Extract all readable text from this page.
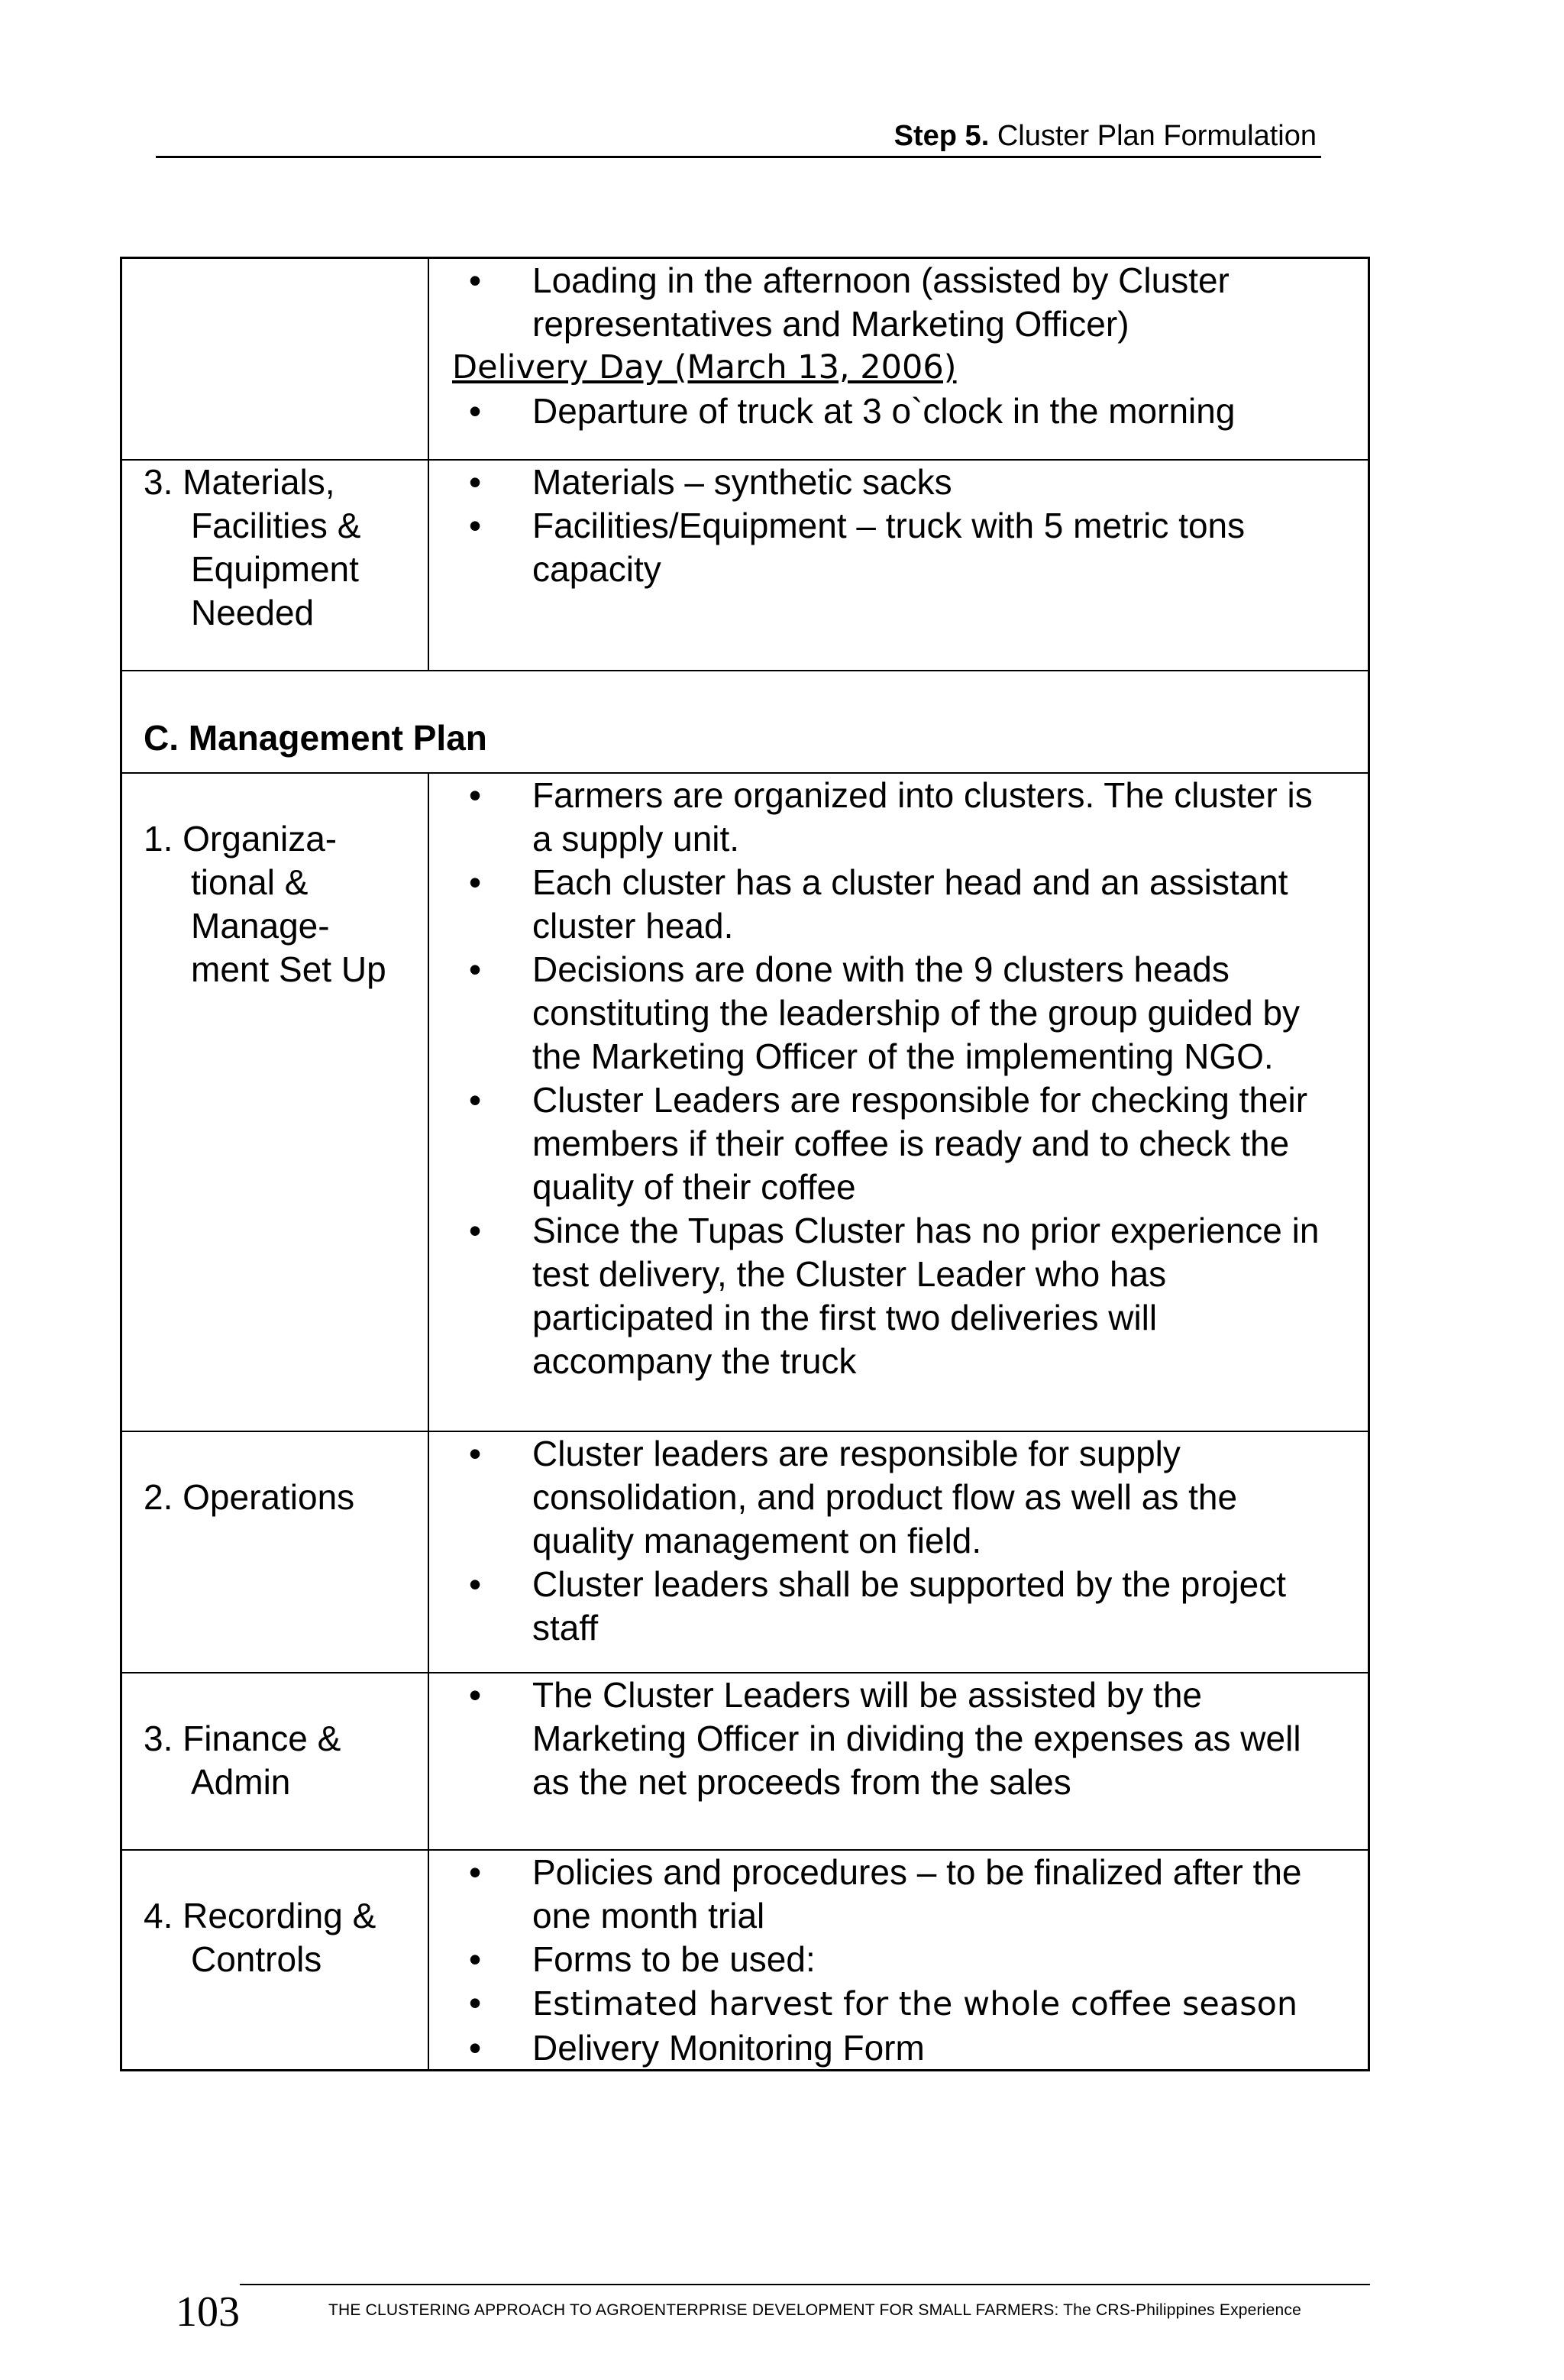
Step 5. Cluster Plan Formulation
• Loading in the afternoon (assisted by Cluster representatives and Marketing Officer)
Delivery Day (March 13, 2006)
• Departure of truck at 3 o`clock in the morning
3. Materials,
Facilities &
Equipment
Needed
• Materials – synthetic sacks
• Facilities/Equipment – truck with 5 metric tons capacity
C. Management Plan
1. Organiza-
tional &
Manage-
ment Set Up
• Farmers are organized into clusters. The cluster is a supply unit.
• Each cluster has a cluster head and an assistant cluster head.
• Decisions are done with the 9 clusters heads constituting the leadership of the group guided by the Marketing Officer of the implementing NGO.
• Cluster Leaders are responsible for checking their members if their coffee is ready and to check the quality of their coffee
• Since the Tupas Cluster has no prior experience in test delivery, the Cluster Leader who has participated in the first two deliveries will accompany the truck
2. Operations
• Cluster leaders are responsible for supply consolidation, and product flow as well as the quality management on field.
• Cluster leaders shall be supported by the project staff
3. Finance &
Admin
• The Cluster Leaders will be assisted by the Marketing Officer in dividing the expenses as well as the net proceeds from the sales
4. Recording &
Controls
• Policies and procedures – to be finalized after the one month trial
• Forms to be used:
• Estimated harvest for the whole coffee season
• Delivery Monitoring Form
103	THE CLUSTERING APPROACH TO AGROENTERPRISE DEVELOPMENT FOR SMALL FARMERS: The CRS-Philippines Experience
